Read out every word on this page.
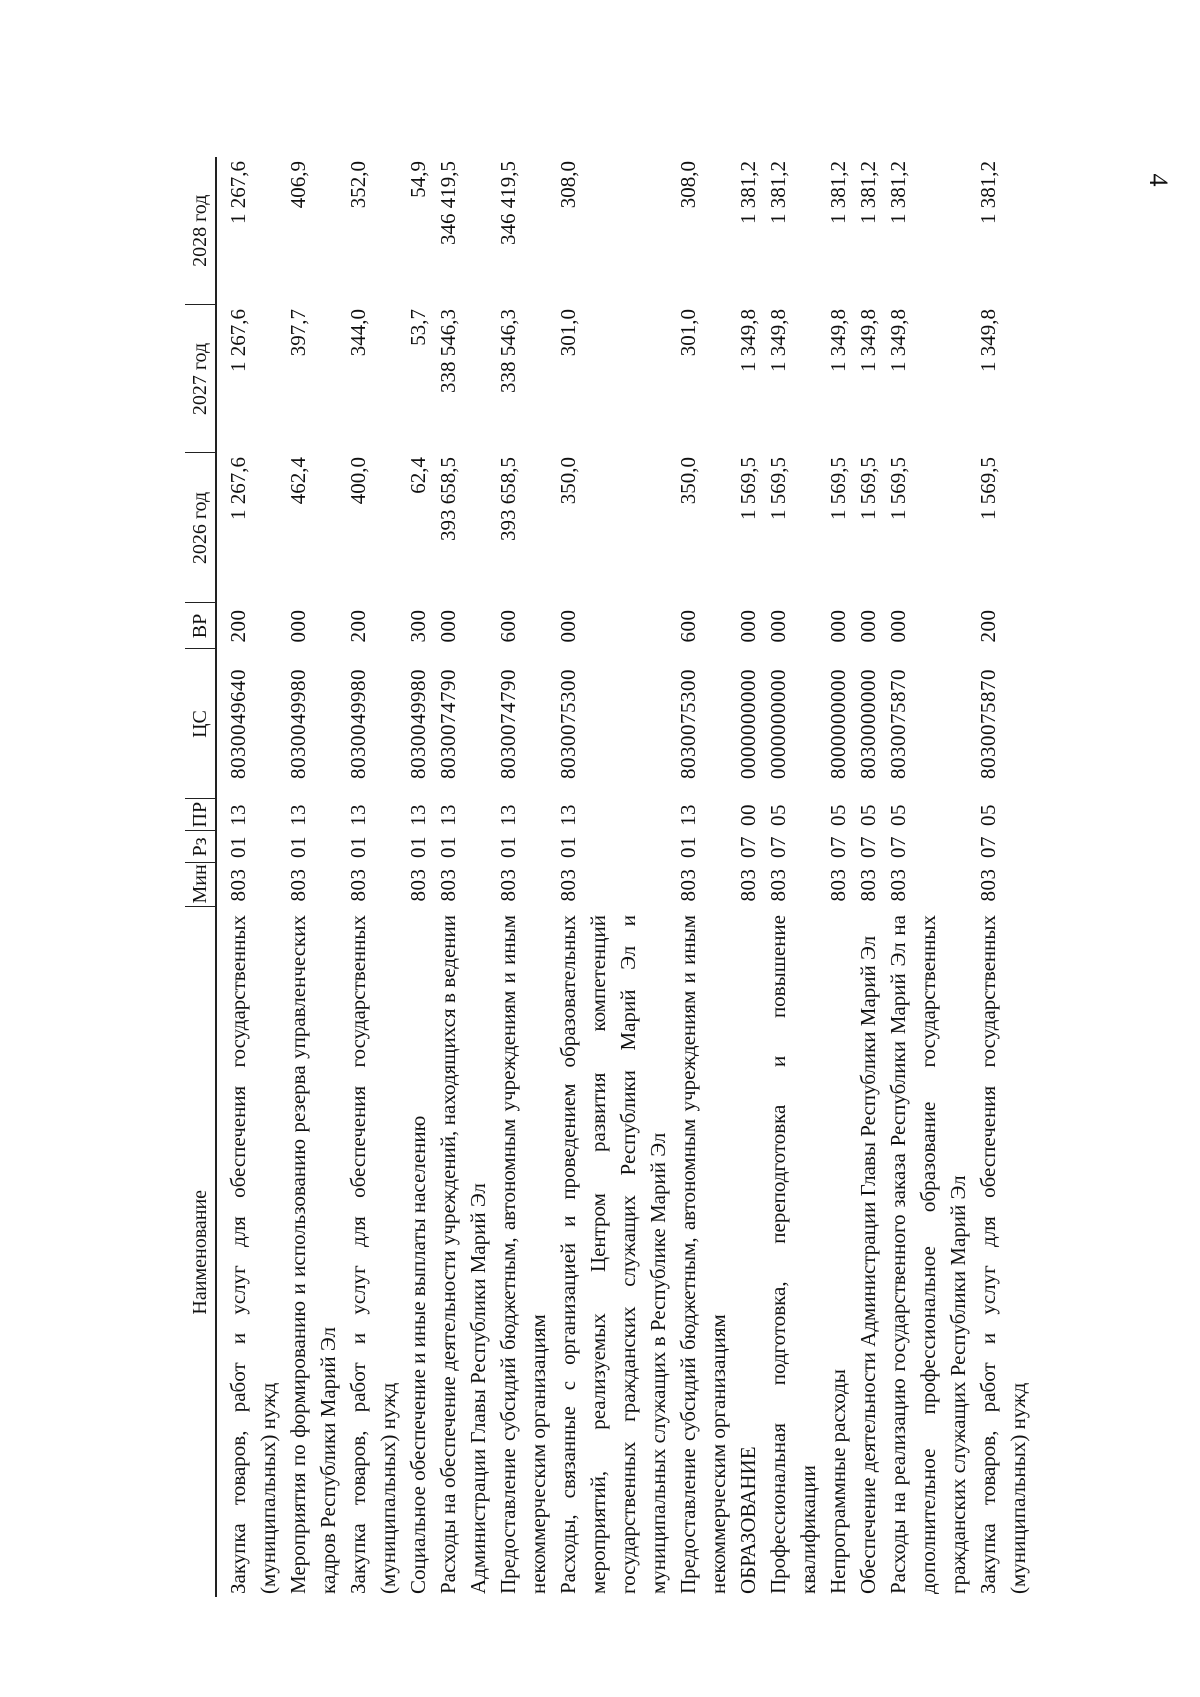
4
Наименование	Мин	Рз	ПР	ЦС	ВР	2026 год	2027 год	2028 год
Закупка товаров, работ и услуг для обеспечения государственных (муниципальных) нужд	803	01	13	8030049640	200	1 267,6	1 267,6	1 267,6
Мероприятия по формированию и использованию резерва управленческих кадров Республики Марий Эл	803	01	13	8030049980	000	462,4	397,7	406,9
Закупка товаров, работ и услуг для обеспечения государственных (муниципальных) нужд	803	01	13	8030049980	200	400,0	344,0	352,0
Социальное обеспечение и иные выплаты населению	803	01	13	8030049980	300	62,4	53,7	54,9
Расходы на обеспечение деятельности учреждений, находящихся в ведении Администрации Главы Республики Марий Эл	803	01	13	8030074790	000	393 658,5	338 546,3	346 419,5
Предоставление субсидий бюджетным, автономным учреждениям и иным некоммерческим организациям	803	01	13	8030074790	600	393 658,5	338 546,3	346 419,5
Расходы, связанные с организацией и проведением образовательных мероприятий, реализуемых Центром развития компетенций государственных гражданских служащих Республики Марий Эл и муниципальных служащих в Республике Марий Эл	803	01	13	8030075300	000	350,0	301,0	308,0
Предоставление субсидий бюджетным, автономным учреждениям и иным некоммерческим организациям	803	01	13	8030075300	600	350,0	301,0	308,0
ОБРАЗОВАНИЕ	803	07	00	0000000000	000	1 569,5	1 349,8	1 381,2
Профессиональная подготовка, переподготовка и повышение квалификации	803	07	05	0000000000	000	1 569,5	1 349,8	1 381,2
Непрограммные расходы	803	07	05	8000000000	000	1 569,5	1 349,8	1 381,2
Обеспечение деятельности Администрации Главы Республики Марий Эл	803	07	05	8030000000	000	1 569,5	1 349,8	1 381,2
Расходы на реализацию государственного заказа Республики Марий Эл на дополнительное профессиональное образование государственных гражданских служащих Республики Марий Эл	803	07	05	8030075870	000	1 569,5	1 349,8	1 381,2
Закупка товаров, работ и услуг для обеспечения государственных (муниципальных) нужд	803	07	05	8030075870	200	1 569,5	1 349,8	1 381,2
